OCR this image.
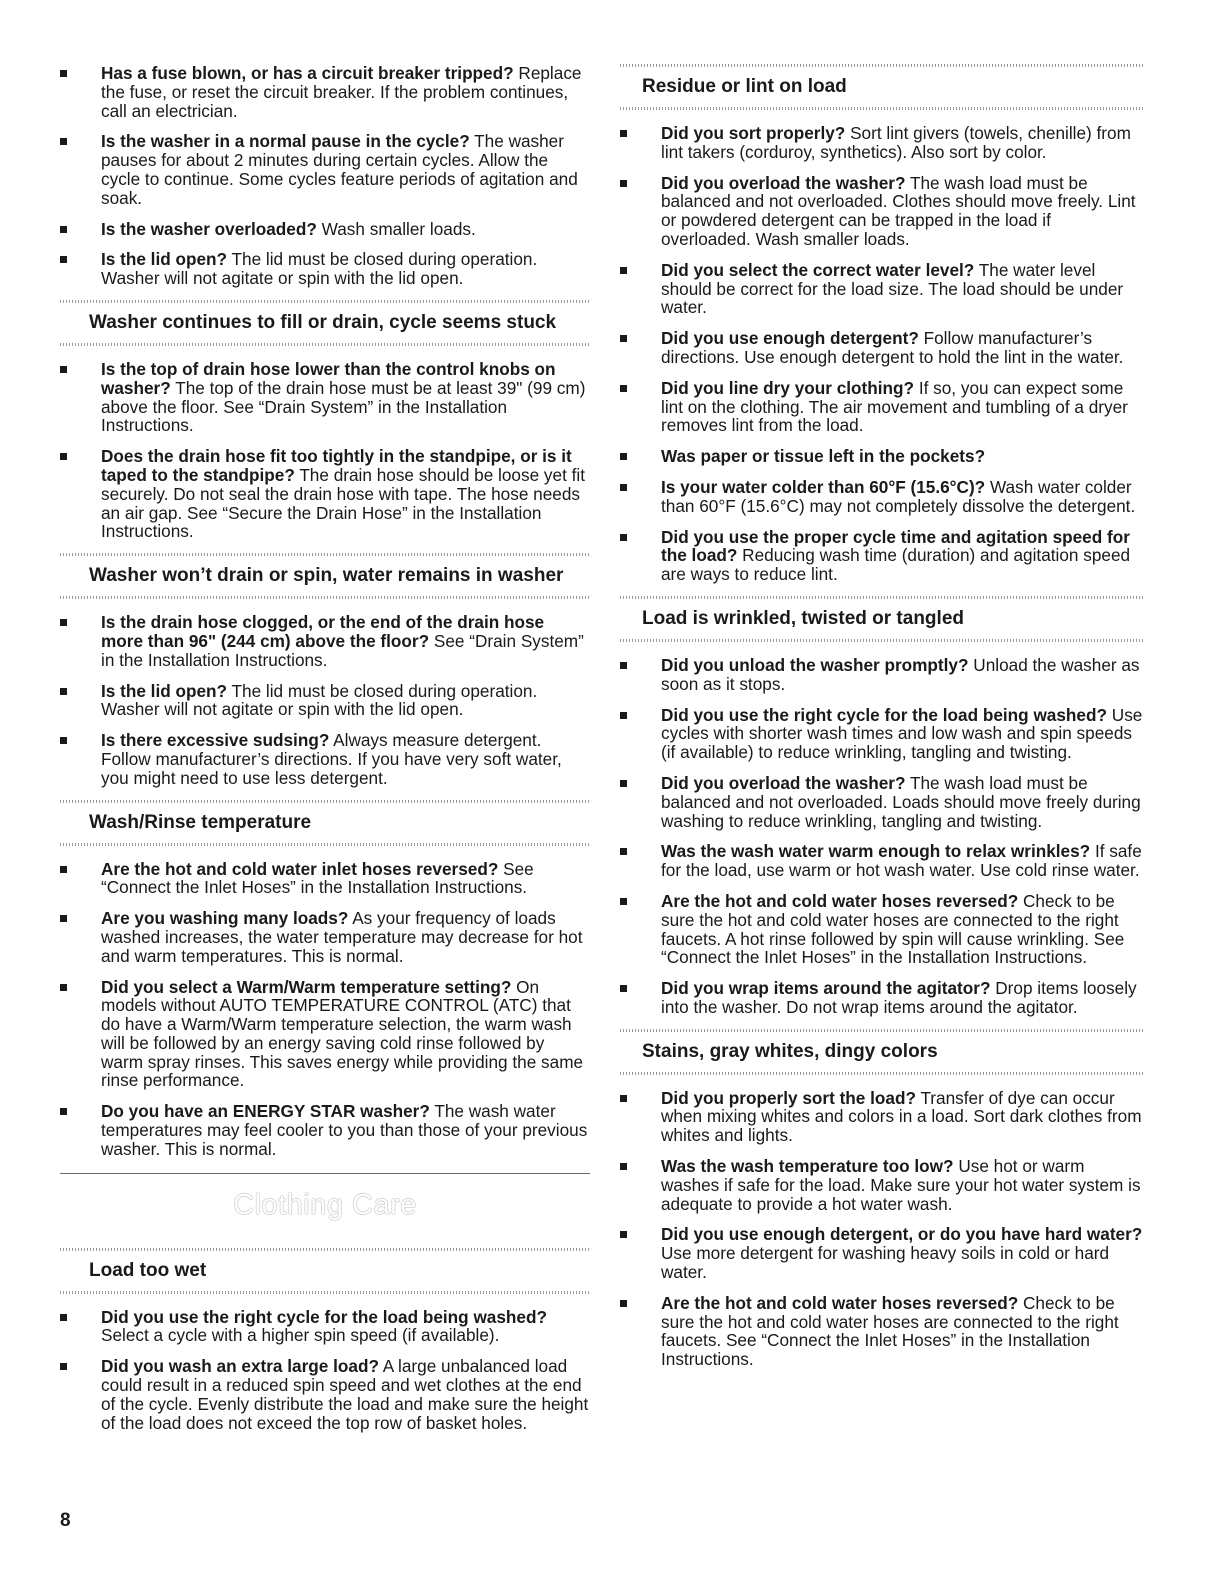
Has a fuse blown, or has a circuit breaker tripped? Replace the fuse, or reset the circuit breaker. If the problem continues, call an electrician.
Is the washer in a normal pause in the cycle? The washer pauses for about 2 minutes during certain cycles. Allow the cycle to continue. Some cycles feature periods of agitation and soak.
Is the washer overloaded? Wash smaller loads.
Is the lid open? The lid must be closed during operation. Washer will not agitate or spin with the lid open.
Washer continues to fill or drain, cycle seems stuck
Is the top of drain hose lower than the control knobs on washer? The top of the drain hose must be at least 39" (99 cm) above the floor. See “Drain System” in the Installation Instructions.
Does the drain hose fit too tightly in the standpipe, or is it taped to the standpipe? The drain hose should be loose yet fit securely. Do not seal the drain hose with tape. The hose needs an air gap. See “Secure the Drain Hose” in the Installation Instructions.
Washer won’t drain or spin, water remains in washer
Is the drain hose clogged, or the end of the drain hose more than 96" (244 cm) above the floor? See “Drain System” in the Installation Instructions.
Is the lid open? The lid must be closed during operation. Washer will not agitate or spin with the lid open.
Is there excessive sudsing? Always measure detergent. Follow manufacturer’s directions. If you have very soft water, you might need to use less detergent.
Wash/Rinse temperature
Are the hot and cold water inlet hoses reversed? See “Connect the Inlet Hoses” in the Installation Instructions.
Are you washing many loads? As your frequency of loads washed increases, the water temperature may decrease for hot and warm temperatures. This is normal.
Did you select a Warm/Warm temperature setting? On models without AUTO TEMPERATURE CONTROL (ATC) that do have a Warm/Warm temperature selection, the warm wash will be followed by an energy saving cold rinse followed by warm spray rinses. This saves energy while providing the same rinse performance.
Do you have an ENERGY STAR washer? The wash water temperatures may feel cooler to you than those of your previous washer. This is normal.
Clothing Care
Load too wet
Did you use the right cycle for the load being washed? Select a cycle with a higher spin speed (if available).
Did you wash an extra large load? A large unbalanced load could result in a reduced spin speed and wet clothes at the end of the cycle. Evenly distribute the load and make sure the height of the load does not exceed the top row of basket holes.
Residue or lint on load
Did you sort properly? Sort lint givers (towels, chenille) from lint takers (corduroy, synthetics). Also sort by color.
Did you overload the washer? The wash load must be balanced and not overloaded. Clothes should move freely. Lint or powdered detergent can be trapped in the load if overloaded. Wash smaller loads.
Did you select the correct water level? The water level should be correct for the load size. The load should be under water.
Did you use enough detergent? Follow manufacturer’s directions. Use enough detergent to hold the lint in the water.
Did you line dry your clothing? If so, you can expect some lint on the clothing. The air movement and tumbling of a dryer removes lint from the load.
Was paper or tissue left in the pockets?
Is your water colder than 60°F (15.6°C)? Wash water colder than 60°F (15.6°C) may not completely dissolve the detergent.
Did you use the proper cycle time and agitation speed for the load? Reducing wash time (duration) and agitation speed are ways to reduce lint.
Load is wrinkled, twisted or tangled
Did you unload the washer promptly? Unload the washer as soon as it stops.
Did you use the right cycle for the load being washed? Use cycles with shorter wash times and low wash and spin speeds (if available) to reduce wrinkling, tangling and twisting.
Did you overload the washer? The wash load must be balanced and not overloaded. Loads should move freely during washing to reduce wrinkling, tangling and twisting.
Was the wash water warm enough to relax wrinkles? If safe for the load, use warm or hot wash water. Use cold rinse water.
Are the hot and cold water hoses reversed? Check to be sure the hot and cold water hoses are connected to the right faucets. A hot rinse followed by spin will cause wrinkling. See “Connect the Inlet Hoses” in the Installation Instructions.
Did you wrap items around the agitator? Drop items loosely into the washer. Do not wrap items around the agitator.
Stains, gray whites, dingy colors
Did you properly sort the load? Transfer of dye can occur when mixing whites and colors in a load. Sort dark clothes from whites and lights.
Was the wash temperature too low? Use hot or warm washes if safe for the load. Make sure your hot water system is adequate to provide a hot water wash.
Did you use enough detergent, or do you have hard water? Use more detergent for washing heavy soils in cold or hard water.
Are the hot and cold water hoses reversed? Check to be sure the hot and cold water hoses are connected to the right faucets. See “Connect the Inlet Hoses” in the Installation Instructions.
8
